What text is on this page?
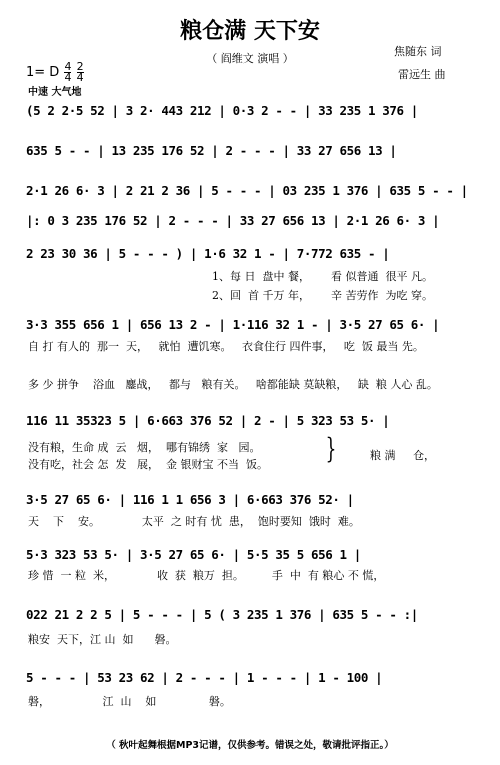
粮仓满 天下安
（ 阎维文 演唱 ）
焦随东 词
雷远生 曲
1= D $\frac{4}{4}$
$\frac{2}{4}$
中速 大气地
(5 2 2·5 52 | 3 2· 443 212 | 0·3 2 - - | 33 235 1 376 |
635 5 - - | 13 235 176 52 | 2 - - - | 33 27 656 13 |
2·1 26 6· 3 | 2 21 2 36 | 5 - - - | 03 235 1 376 | 635 5 - - |
|: 0 3 235 176 52 | 2 - - - | 33 27 656 13 | 2·1 26 6· 3 |
2 23 30 36 | 5 - - - ) | 1·6 32 1 - | 7·772 635 - |
3·3 355 656 1 | 656 13 2 - | 1·116 32 1 - | 3·5 27 65 6· |
116 11 35323 5 | 6·663 376 52 | 2 - | 5 323 53 5· |
3·5 27 65 6· | 116 1 1 656 3 | 6·663 376 52· |
5·3 323 53 5· | 3·5 27 65 6· | 5·5 35 5 656 1 |
022 21 2 2 5 | 5 - - - | 5 ( 3 235 1 376 | 635 5 - - :|
5 - - - | 53 23 62 | 2 - - - | 1 - - - | 1 - 100 |
1、每 日  盘中 餐，      看 似普通  很平 凡。
2、回  首 千万 年，      辛 苦劳作  为吃 穿。
自 打 有人的  那一  天，   就怕  遭饥寒。   衣食住行 四件事，   吃  饭 最当 先。
多 少 拼争    浴血   鏖战，   都与   粮有关。   啥都能缺 莫缺粮，   缺  粮 人心 乱。
没有粮，生命 成  云   烟，  哪有锦绣  家   园。
没有吃，社会 怎  发   展，  金 银财宝 不当  饭。
粮 满     仓，
天    下    安。            太平  之 时有 忧  患，  饱时要知  饿时  难。
珍 惜  一 粒  米，            收  获  粮万  担。        手  中  有 粮心 不 慌，
粮安  天下，江 山  如      磐。
磐，               江  山    如               磐。
}
（ 秋叶起舞根据MP3记谱，仅供参考。错误之处，敬请批评指正。）
